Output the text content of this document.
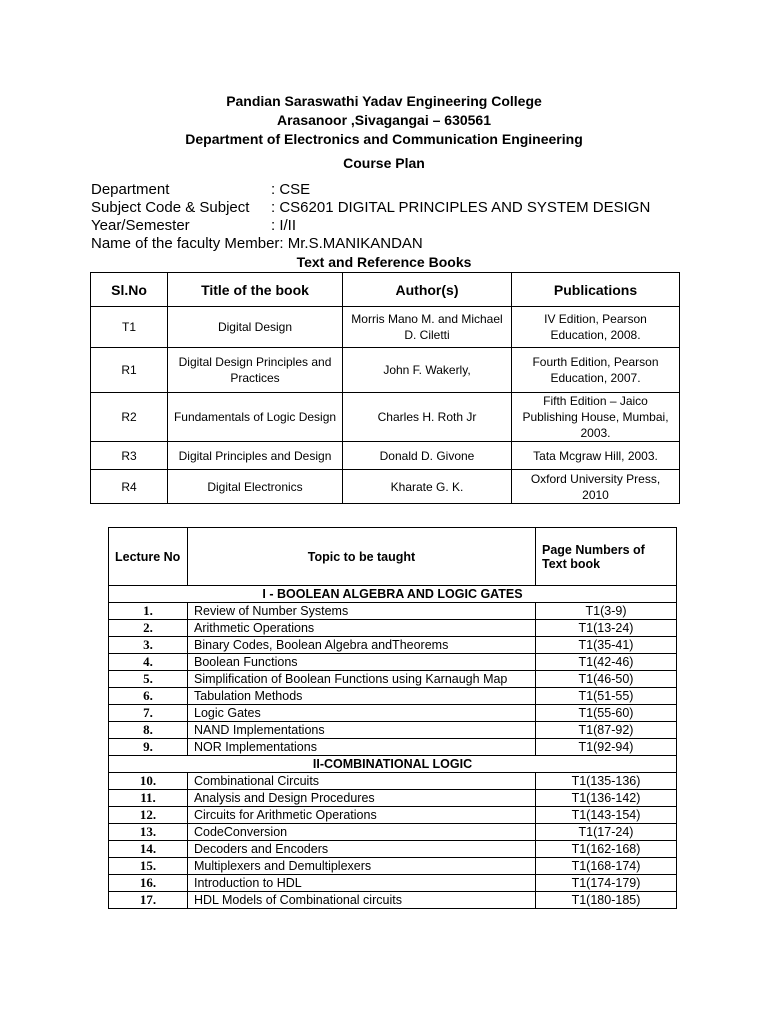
Pandian Saraswathi Yadav Engineering College
Arasanoor ,Sivagangai – 630561
Department of Electronics and Communication Engineering
Course Plan
Department	: CSE
Subject Code & Subject	: CS6201 DIGITAL PRINCIPLES AND SYSTEM DESIGN
Year/Semester	: I/II
Name of the faculty Member: Mr.S.MANIKANDAN
Text and Reference Books
Sl.No	Title of the book	Author(s)	Publications
T1	Digital Design	Morris Mano M. and Michael D. Ciletti	IV Edition, Pearson Education, 2008.
R1	Digital Design Principles and Practices	John F. Wakerly,	Fourth Edition, Pearson Education, 2007.
R2	Fundamentals of Logic Design	Charles H. Roth Jr	Fifth Edition – Jaico Publishing House, Mumbai, 2003.
R3	Digital Principles and Design	Donald D. Givone	Tata Mcgraw Hill, 2003.
R4	Digital Electronics	Kharate G. K.	Oxford University Press, 2010
Lecture No	Topic to be taught	Page Numbers of Text book
I - BOOLEAN ALGEBRA AND LOGIC GATES		
1.	Review of Number Systems	T1(3-9)
2.	Arithmetic Operations	T1(13-24)
3.	Binary Codes, Boolean Algebra andTheorems	T1(35-41)
4.	Boolean Functions	T1(42-46)
5.	Simplification of Boolean Functions using Karnaugh Map	T1(46-50)
6.	Tabulation Methods	T1(51-55)
7.	Logic Gates	T1(55-60)
8.	NAND Implementations	T1(87-92)
9.	NOR Implementations	T1(92-94)
II-COMBINATIONAL LOGIC		
10.	Combinational Circuits	T1(135-136)
11.	Analysis and Design Procedures	T1(136-142)
12.	Circuits for Arithmetic Operations	T1(143-154)
13.	CodeConversion	T1(17-24)
14.	Decoders and Encoders	T1(162-168)
15.	Multiplexers and Demultiplexers	T1(168-174)
16.	Introduction to HDL	T1(174-179)
17.	HDL Models of Combinational circuits	T1(180-185)
